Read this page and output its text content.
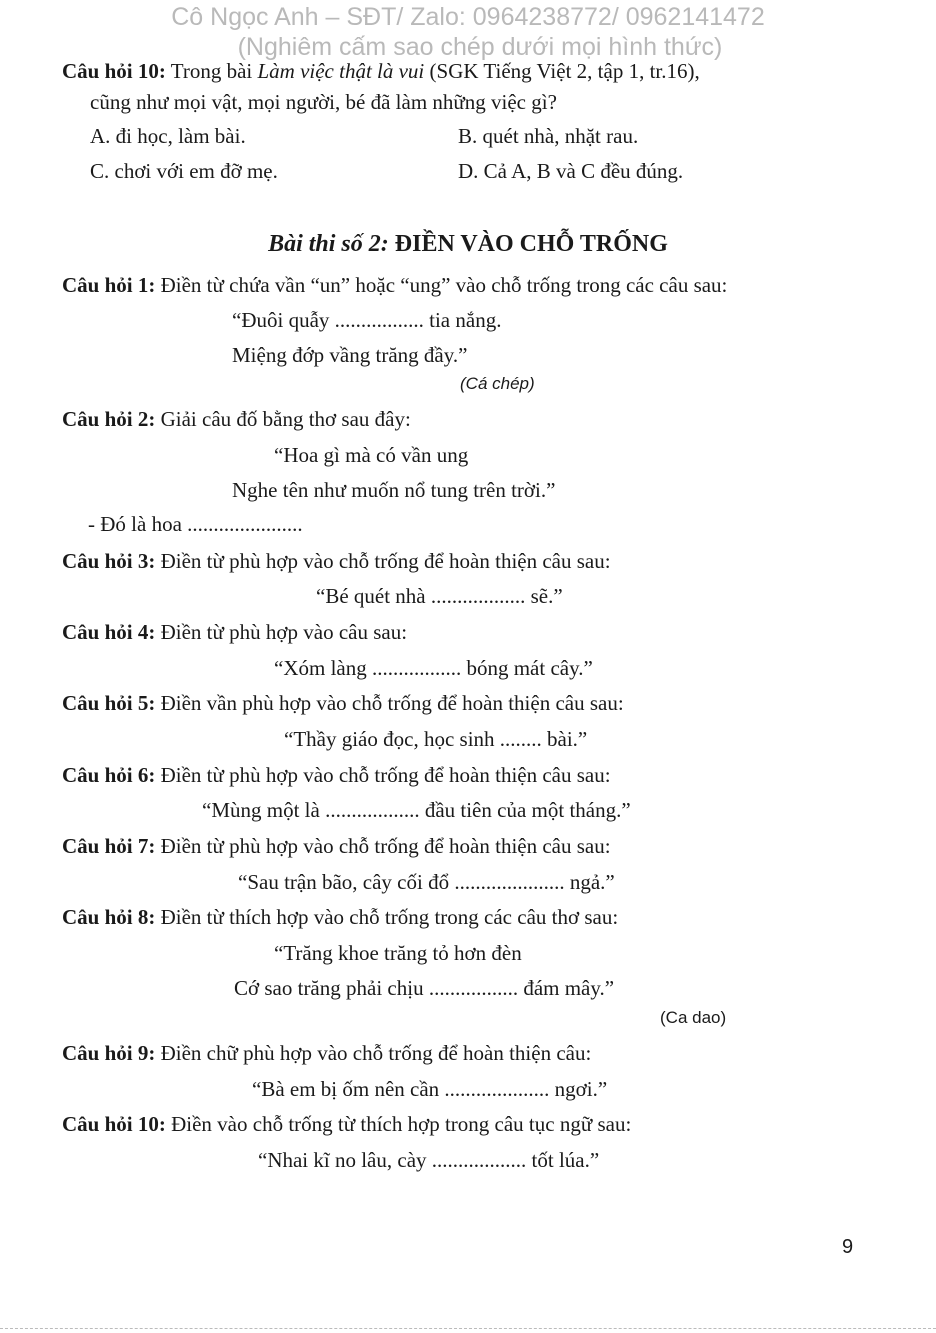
Cô Ngọc Anh – SĐT/ Zalo: 0964238772/ 0962141472
(Nghiêm cấm sao chép dưới mọi hình thức)
Câu hỏi 10: Trong bài Làm việc thật là vui (SGK Tiếng Việt 2, tập 1, tr.16),
cũng như mọi vật, mọi người, bé đã làm những việc gì?
A. đi học, làm bài.	B. quét nhà, nhặt rau.
C. chơi với em đỡ mẹ.	D. Cả A, B và C đều đúng.
Bài thi số 2: ĐIỀN VÀO CHỖ TRỐNG
Câu hỏi 1: Điền từ chứa vần “un” hoặc “ung” vào chỗ trống trong các câu sau:
“Đuôi quẫy ................. tia nắng.
Miệng đớp vầng trăng đầy.”
(Cá chép)
Câu hỏi 2: Giải câu đố bằng thơ sau đây:
“Hoa gì mà có vần ung
Nghe tên như muốn nổ tung trên trời.”
- Đó là hoa ......................
Câu hỏi 3: Điền từ phù hợp vào chỗ trống để hoàn thiện câu sau:
“Bé quét nhà .................. sẽ.”
Câu hỏi 4: Điền từ phù hợp vào câu sau:
“Xóm làng ................. bóng mát cây.”
Câu hỏi 5: Điền vần phù hợp vào chỗ trống để hoàn thiện câu sau:
“Thầy giáo đọc, học sinh ........ bài.”
Câu hỏi 6: Điền từ phù hợp vào chỗ trống để hoàn thiện câu sau:
“Mùng một là .................. đầu tiên của một tháng.”
Câu hỏi 7: Điền từ phù hợp vào chỗ trống để hoàn thiện câu sau:
“Sau trận bão, cây cối đổ ..................... ngả.”
Câu hỏi 8: Điền từ thích hợp vào chỗ trống trong các câu thơ sau:
“Trăng khoe trăng tỏ hơn đèn
Cớ sao trăng phải chịu ................. đám mây.”
(Ca dao)
Câu hỏi 9: Điền chữ phù hợp vào chỗ trống để hoàn thiện câu:
“Bà em bị ốm nên cần .................... ngơi.”
Câu hỏi 10: Điền vào chỗ trống từ thích hợp trong câu tục ngữ sau:
“Nhai kĩ no lâu, cày .................. tốt lúa.”
9
